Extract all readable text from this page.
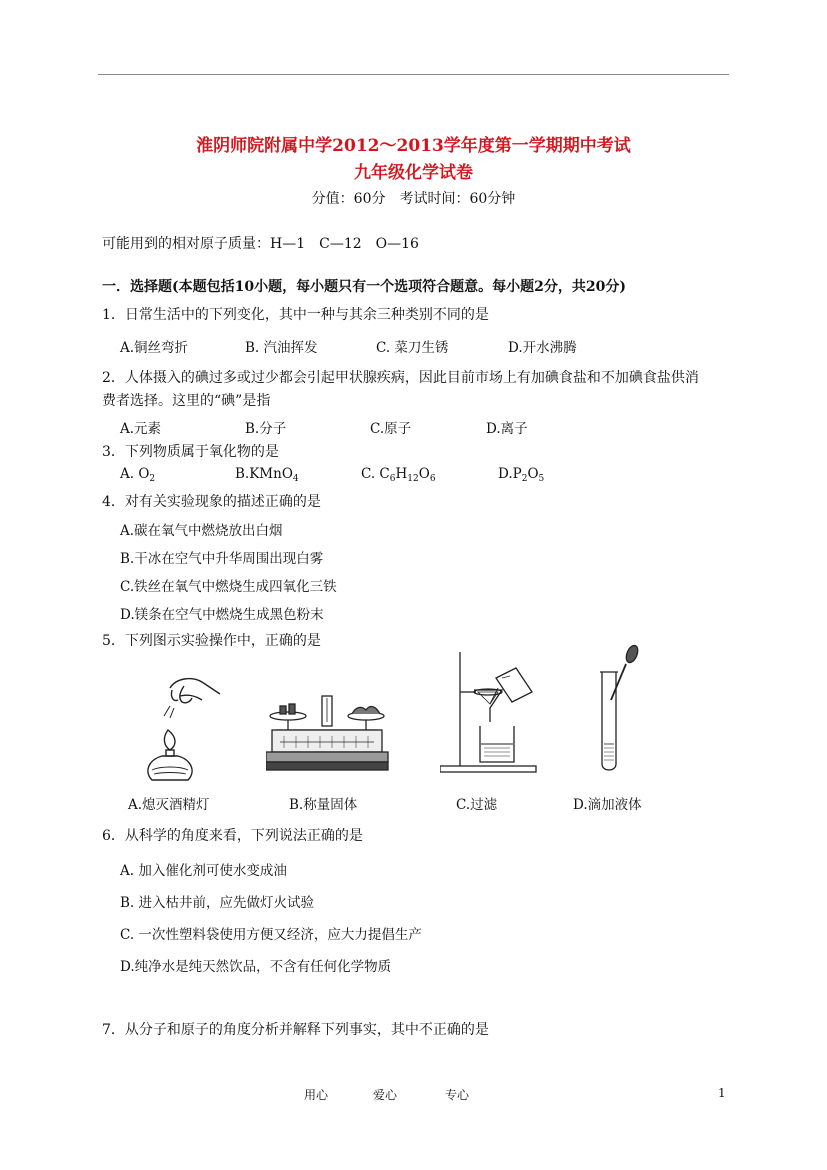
淮阴师院附属中学2012～2013学年度第一学期期中考试
九年级化学试卷
分值：60分　考试时间：60分钟
可能用到的相对原子质量：H—1　C—12　O—16
一．选择题(本题包括10小题，每小题只有一个选项符合题意。每小题2分，共20分)
1．日常生活中的下列变化，其中一种与其余三种类别不同的是
A.铜丝弯折	B. 汽油挥发	C. 菜刀生锈	D.开水沸腾
2．人体摄入的碘过多或过少都会引起甲状腺疾病，因此目前市场上有加碘食盐和不加碘食盐供消
费者选择。这里的“碘”是指
A.元素	B.分子	C.原子	D.离子
3．下列物质属于氧化物的是
A. $O_2$	B.KMnO$_4$	C. $C_6H_{12}O_6$	$D.P_2O_5$
4．对有关实验现象的描述正确的是
A.碳在氧气中燃烧放出白烟
B.干冰在空气中升华周围出现白雾
C.铁丝在氧气中燃烧生成四氧化三铁
D.镁条在空气中燃烧生成黑色粉末
5．下列图示实验操作中，正确的是
A.熄灭酒精灯	B.称量固体	C.过滤	D.滴加液体
6．从科学的角度来看，下列说法正确的是
A. 加入催化剂可使水变成油
B. 进入枯井前，应先做灯火试验
C. 一次性塑料袋使用方便又经济，应大力提倡生产
D.纯净水是纯天然饮品，不含有任何化学物质
7．从分子和原子的角度分析并解释下列事实，其中不正确的是
用心	爱心	专心	1
